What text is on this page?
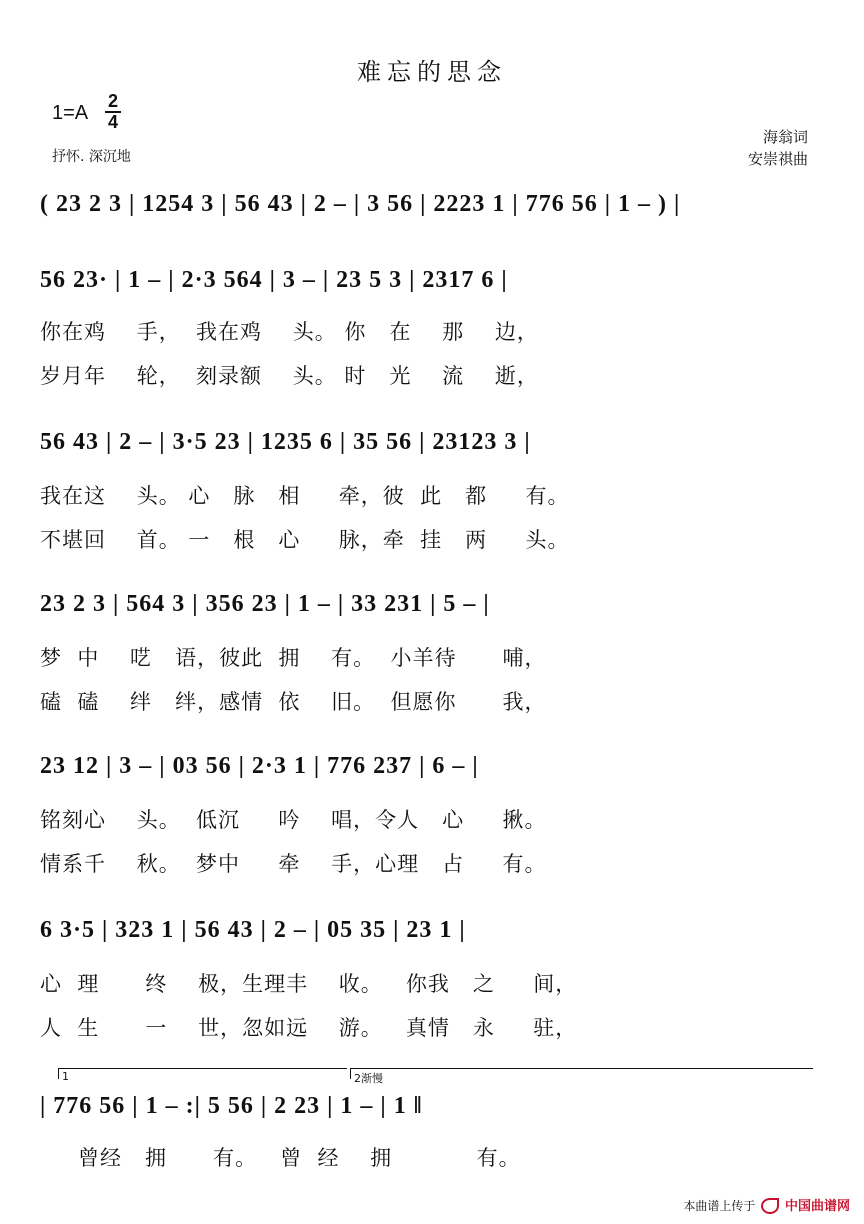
难忘的思念
1=A
2
4
抒怀. 深沉地
海翁词
安崇祺曲
( 23 2 3 | 1254 3 | 56 43 | 2 – | 3 56 | 2223 1 | 776 56 | 1 – ) |
56 23· | 1 – | 2·3 564 | 3 – | 23 5 3 | 2317 6 |
你在鸡    手，  我在鸡    头。 你   在    那    边，
岁月年    轮，  刻录额    头。 时   光    流    逝，
56 43 | 2 – | 3·5 23 | 1235 6 | 35 56 | 23123 3 |
我在这    头。 心   脉   相     牵，彼  此   都     有。
不堪回    首。 一   根   心     脉，牵  挂   两     头。
23 2 3 | 564 3 | 356 23 | 1 – | 33 231 | 5 – |
梦  中    呓   语，彼此  拥    有。  小羊待      哺，
磕  磕    绊   绊，感情  依    旧。  但愿你      我，
23 12 | 3 – | 03 56 | 2·3 1 | 776 237 | 6 – |
铭刻心    头。  低沉     吟    唱，令人   心     揪。
情系千    秋。  梦中     牵    手，心理   占     有。
6 3·5 | 323 1 | 56 43 | 2 – | 05 35 | 23 1 |
心  理      终    极，生理丰    收。   你我   之     间，
人  生      一    世，忽如远    游。   真情   永     驻，
1	2渐慢
| 776 56 | 1 – :| 5 56 | 2 23 | 1 – | 1 ‖
曾经   拥      有。   曾  经    拥           有。
本曲谱上传于 中国曲谱网
